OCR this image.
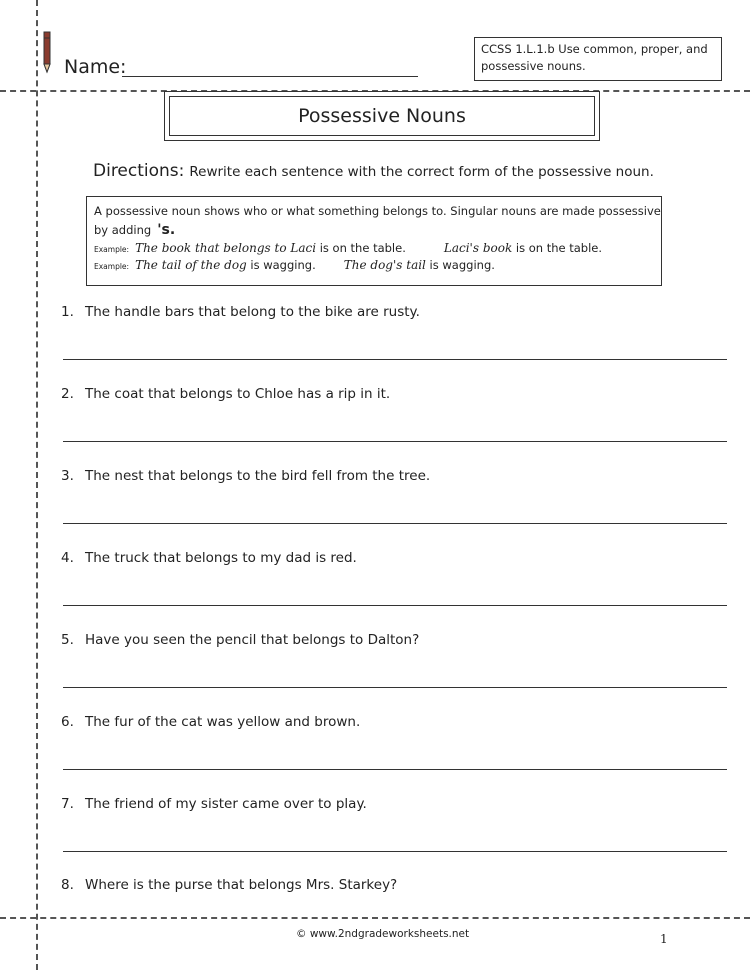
Name:
CCSS 1.L.1.b Use common, proper, and
possessive nouns.
Possessive Nouns
Directions: Rewrite each sentence with the correct form of the possessive noun.
A possessive noun shows who or what something belongs to. Singular nouns are made possessive
by adding 's.
Example: The book that belongs to Laci is on the table.	Laci's book is on the table.
Example: The tail of the dog is wagging. The dog's tail is wagging.
1. The handle bars that belong to the bike are rusty.
2. The coat that belongs to Chloe has a rip in it.
3. The nest that belongs to the bird fell from the tree.
4. The truck that belongs to my dad is red.
5. Have you seen the pencil that belongs to Dalton?
6. The fur of the cat was yellow and brown.
7. The friend of my sister came over to play.
8. Where is the purse that belongs Mrs. Starkey?
© www.2ndgradeworksheets.net	1
